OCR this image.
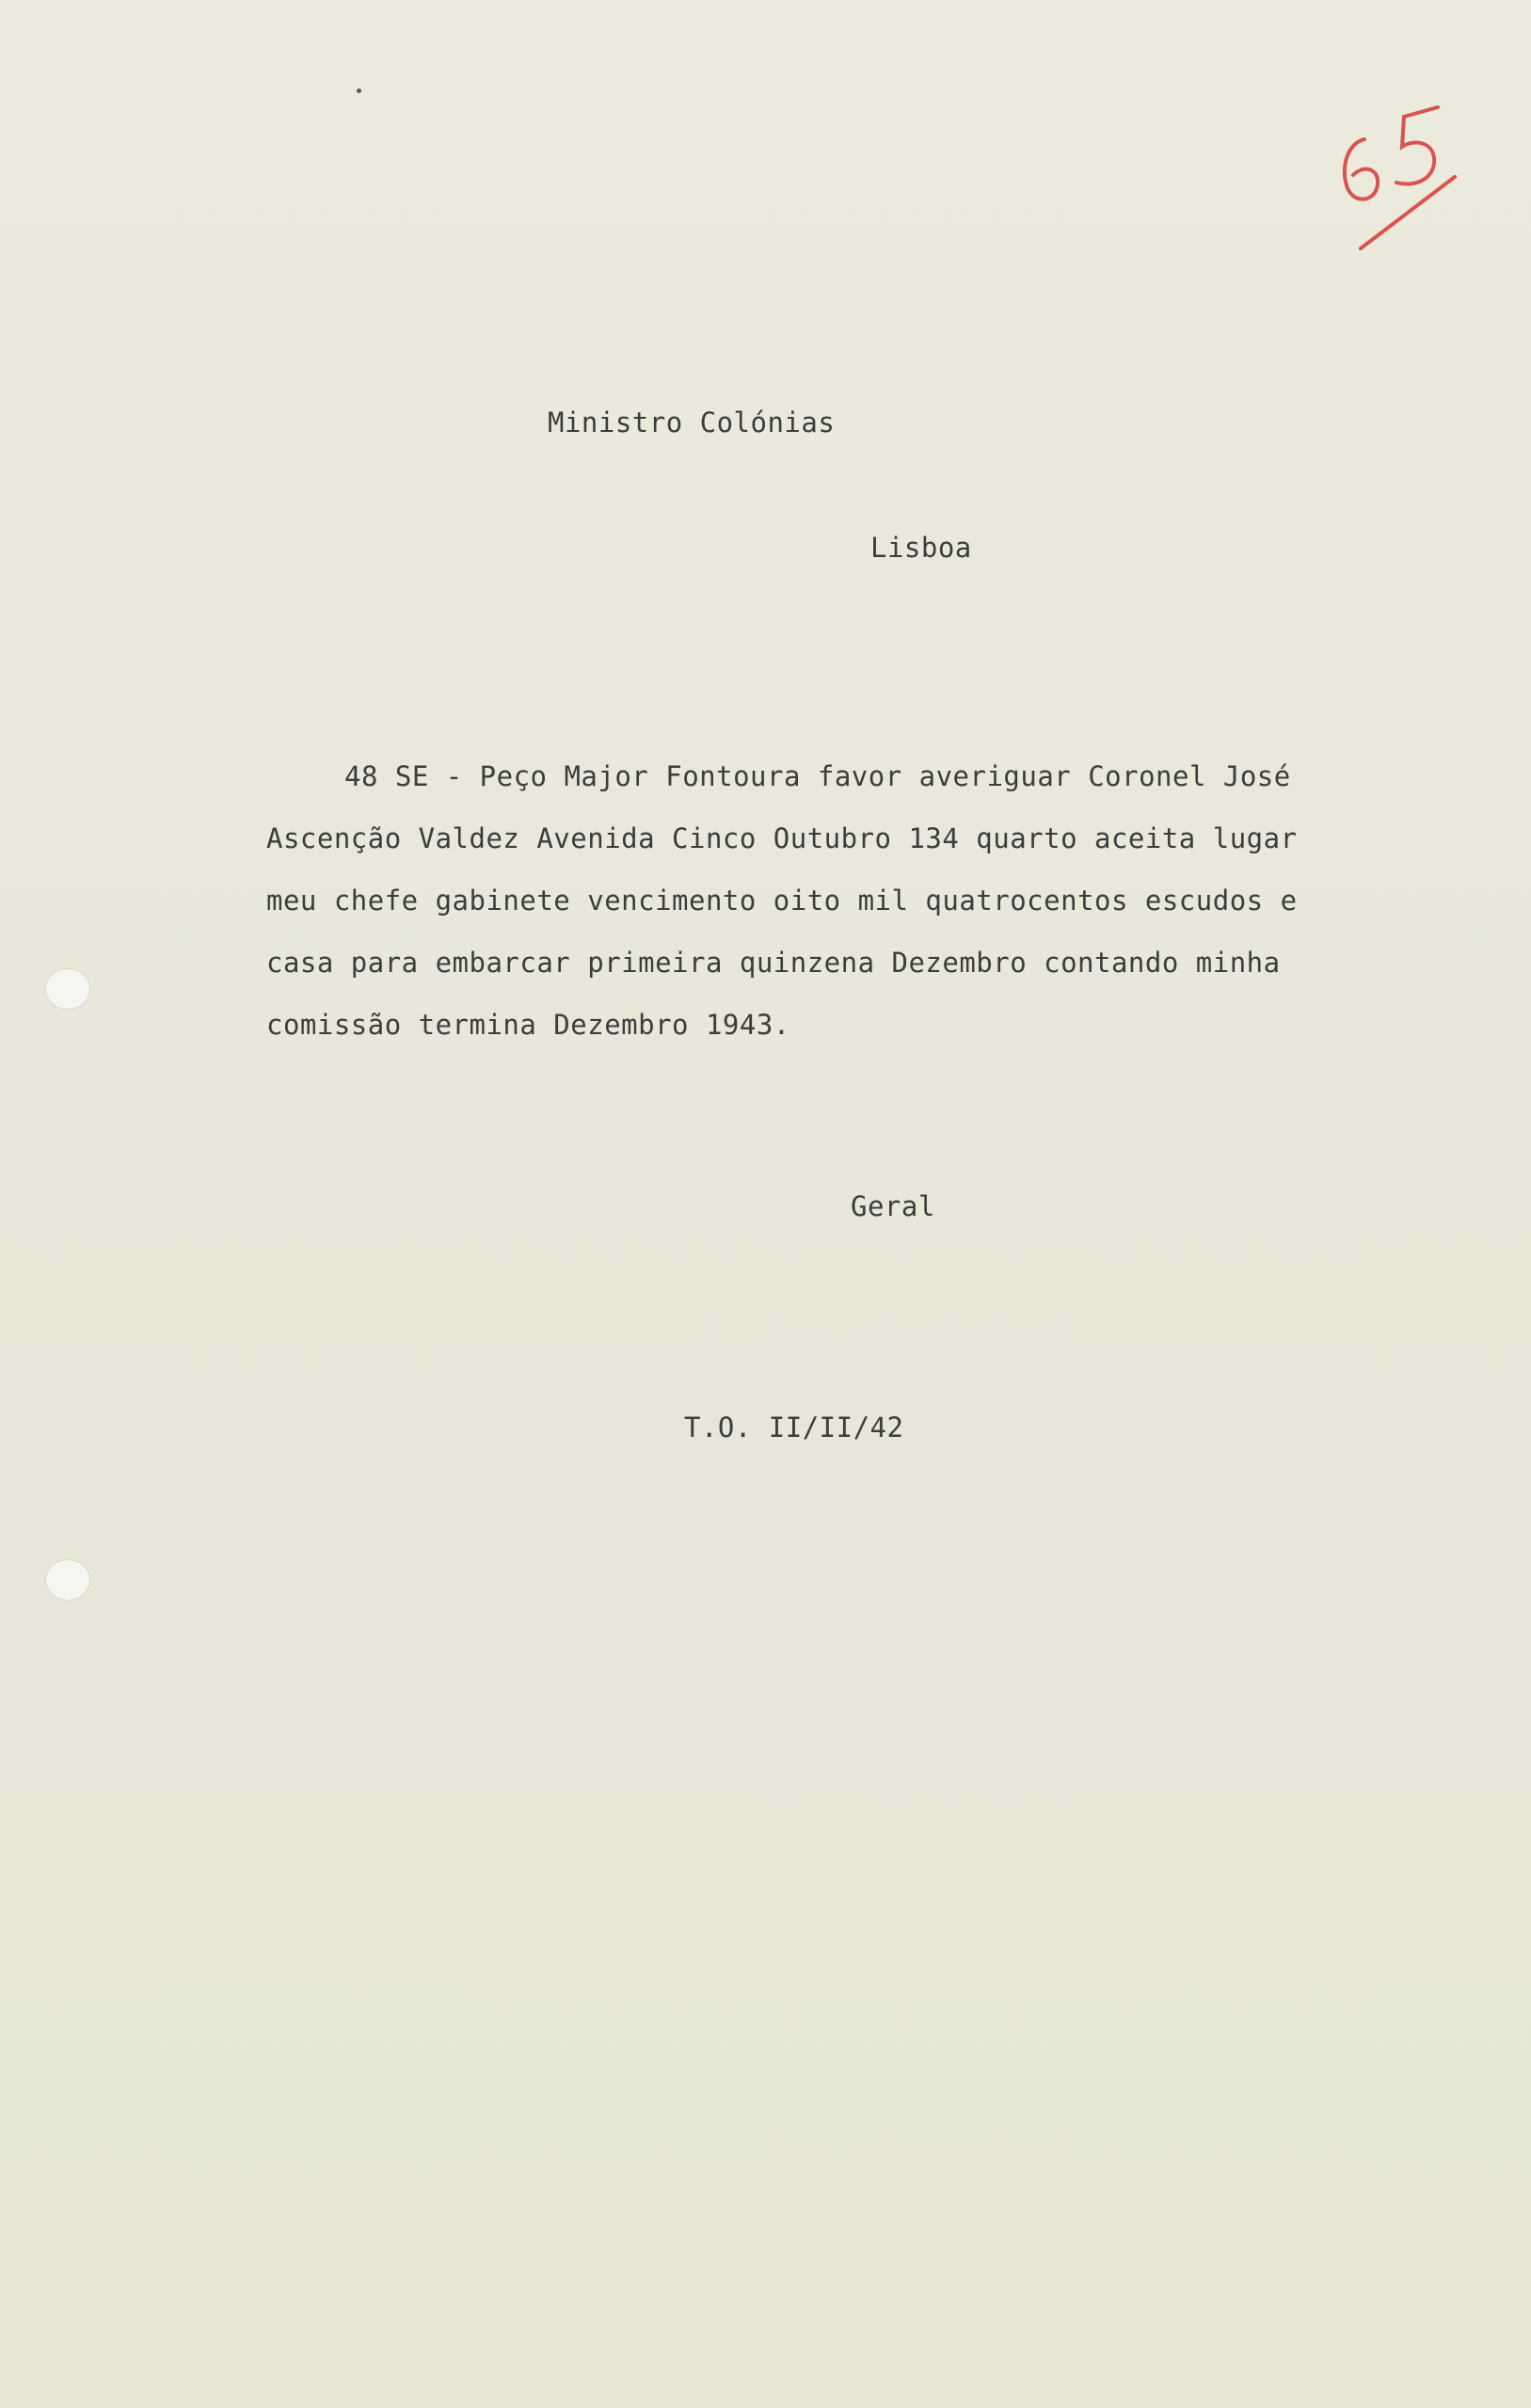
Ministro Colónias
Lisboa
48 SE - Peço Major Fontoura favor averiguar Coronel José
Ascenção Valdez Avenida Cinco Outubro 134 quarto aceita lugar
meu chefe gabinete vencimento oito mil quatrocentos escudos e
casa para embarcar primeira quinzena Dezembro contando minha
comissão termina Dezembro 1943.
Geral
T.O. II/II/42
